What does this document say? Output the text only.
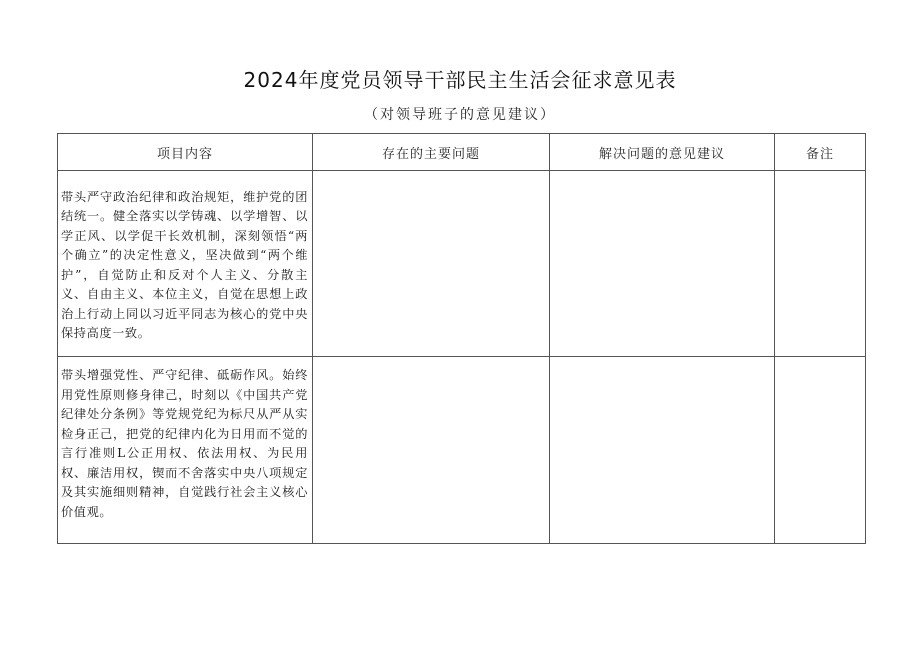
2024年度党员领导干部民主生活会征求意见表
（对领导班子的意见建议）
项目内容	存在的主要问题	解决问题的意见建议	备注

带头严守政治纪律和政治规矩，维护党的团结统一。健全落实以学铸魂、以学增智、以学正风、以学促干长效机制，深刻领悟“两个确立”的决定性意义，坚决做到“两个维护”，自觉防止和反对个人主义、分散主义、自由主义、本位主义，自觉在思想上政治上行动上同以习近平同志为核心的党中央保持高度一致。			

带头增强党性、严守纪律、砥砺作风。始终用党性原则修身律己，时刻以《中国共产党纪律处分条例》等党规党纪为标尺从严从实检身正己，把党的纪律内化为日用而不觉的言行准则L公正用权、依法用权、为民用权、廉洁用权，锲而不舍落实中央八项规定及其实施细则精神，自觉践行社会主义核心价值观。			
